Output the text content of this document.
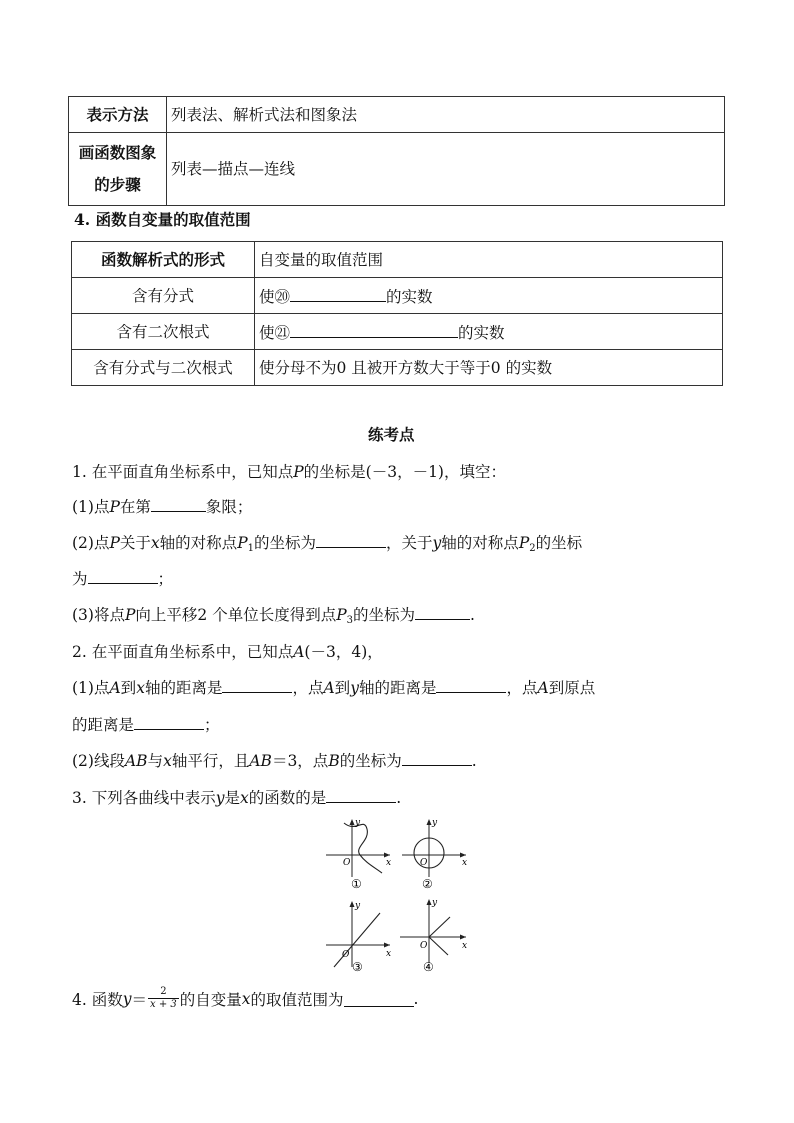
表示方法	列表法、解析式法和图象法

画函数图象
的步骤	列表—描点—连线
4. 函数自变量的取值范围
函数解析式的形式	自变量的取值范围
含有分式	使⑳ 的实数
含有二次根式	使㉑ 的实数
含有分式与二次根式	使分母不为0 且被开方数大于等于0 的实数
练考点
1. 在平面直角坐标系中，已知点P的坐标是(－3，－1)，填空：
(1)点P在第	象限；
(2)点P关于x轴的对称点$P_1$的坐标为	，关于y轴的对称点$P_2$的坐标
为	；
(3)将点P向上平移2 个单位长度得到点$P_3$的坐标为	.
2. 在平面直角坐标系中，已知点A(－3，4)，
(1)点A到x轴的距离是	，点A到y轴的距离是	，点A到原点
的距离是	；
(2)线段AB与x轴平行，且AB＝3，点B的坐标为	.
3. 下列各曲线中表示y是x的函数的是	.
y
x
O
①
y
x
O
②
y
x
O
③
y
x
O
④
4. 函数$y= \frac{2}{x + 3}$ 的自变量x的取值范围为	.
